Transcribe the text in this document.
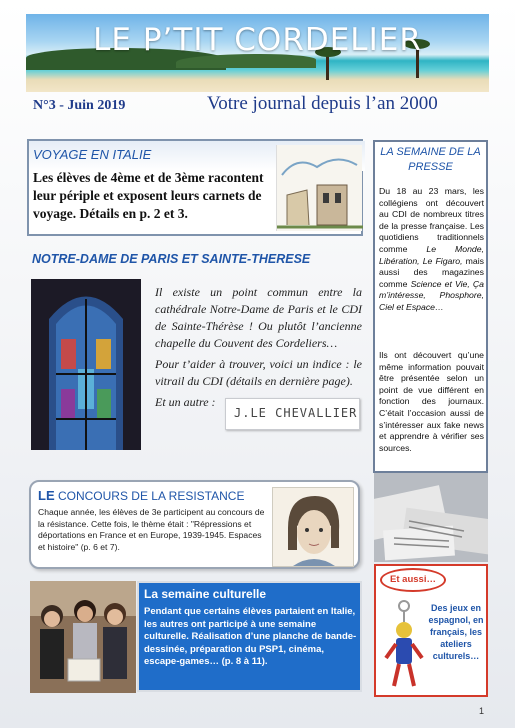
LE P’TIT CORDELIER
N°3 - Juin 2019	Votre journal depuis l’an 2000
VOYAGE EN ITALIE
Les élèves de 4ème et de 3ème racontent leur périple et exposent leurs carnets de voyage. Détails en p. 2 et 3.
NOTRE-DAME DE PARIS ET SAINTE-THERESE

Il existe un point commun entre la cathédrale Notre-Dame de Paris et le CDI de Sainte-Thérèse ! Ou plutôt l’ancienne chapelle du Couvent des Cordeliers…

Pour t’aider à trouver, voici un indice : le vitrail du CDI (détails en dernière page).

Et un autre :

J.LE CHEVALLIER
LE CONCOURS DE LA RESISTANCE
Chaque année, les élèves de 3e participent au concours de la résistance. Cette fois, le thème était : "Répressions et déportations en France et en Europe, 1939-1945. Espaces et histoire" (p. 6 et 7).
La semaine culturelle
Pendant que certains élèves partaient en Italie, les autres ont participé à une semaine culturelle. Réalisation d’une planche de bande-dessinée, préparation du PSP1, cinéma, escape-games… (p. 8 à 11).
LA SEMAINE DE LA PRESSE
Du 18 au 23 mars, les collégiens ont découvert au CDI de nombreux titres de la presse française. Les quotidiens traditionnels comme Le Monde, Libération, Le Figaro, mais aussi des magazines comme Science et Vie, Ça m’intéresse, Phosphore, Ciel et Espace…
Ils ont découvert qu’une même information pouvait être présentée selon un point de vue différent en fonction des journaux. C’était l’occasion aussi de s’intéresser aux fake news et apprendre à vérifier ses sources.
Et aussi…
Des jeux en espagnol, en français, les ateliers culturels…
1
